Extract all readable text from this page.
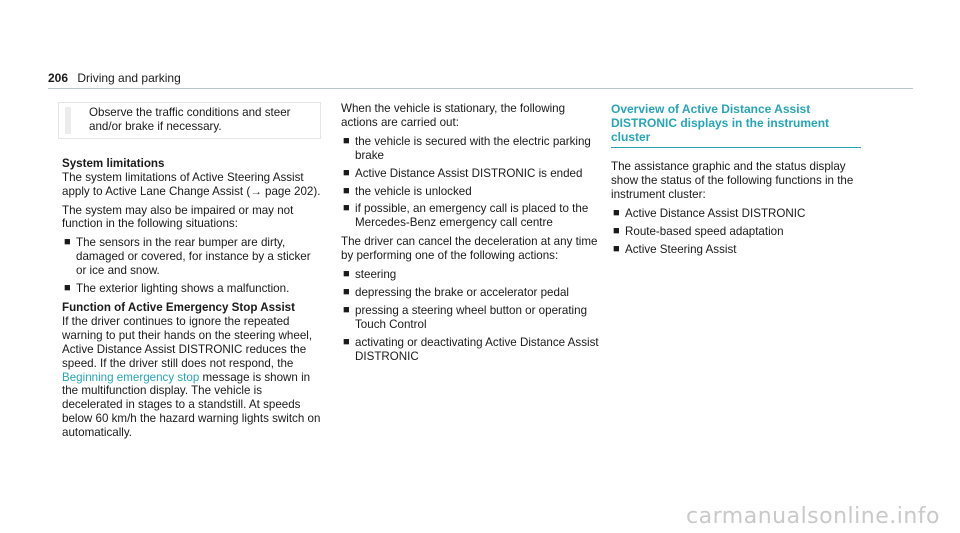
206 Driving and parking
Observe the traffic conditions and steer
and/or brake if necessary.

System limitations
The system limitations of Active Steering Assist apply to Active Lane Change Assist (→ page 202).

The system may also be impaired or may not function in the following situations:

■ The sensors in the rear bumper are dirty, damaged or covered, for instance by a sticker or ice and snow.
■ The exterior lighting shows a malfunction.

Function of Active Emergency Stop Assist
If the driver continues to ignore the repeated warning to put their hands on the steering wheel, Active Distance Assist DISTRONIC reduces the speed. If the driver still does not respond, the Beginning emergency stop message is shown in the multifunction display. The vehicle is decelerated in stages to a standstill. At speeds below 60 km/h the hazard warning lights switch on automatically.

When the vehicle is stationary, the following actions are carried out:

■ the vehicle is secured with the electric parking brake
■ Active Distance Assist DISTRONIC is ended
■ the vehicle is unlocked
■ if possible, an emergency call is placed to the Mercedes-Benz emergency call centre

The driver can cancel the deceleration at any time by performing one of the following actions:

■ steering
■ depressing the brake or accelerator pedal
■ pressing a steering wheel button or operating Touch Control
■ activating or deactivating Active Distance Assist DISTRONIC
Overview of Active Distance Assist DISTRONIC displays in the instrument cluster

The assistance graphic and the status display show the status of the following functions in the instrument cluster:

■ Active Distance Assist DISTRONIC
■ Route-based speed adaptation
■ Active Steering Assist
carmanualsonline.info
